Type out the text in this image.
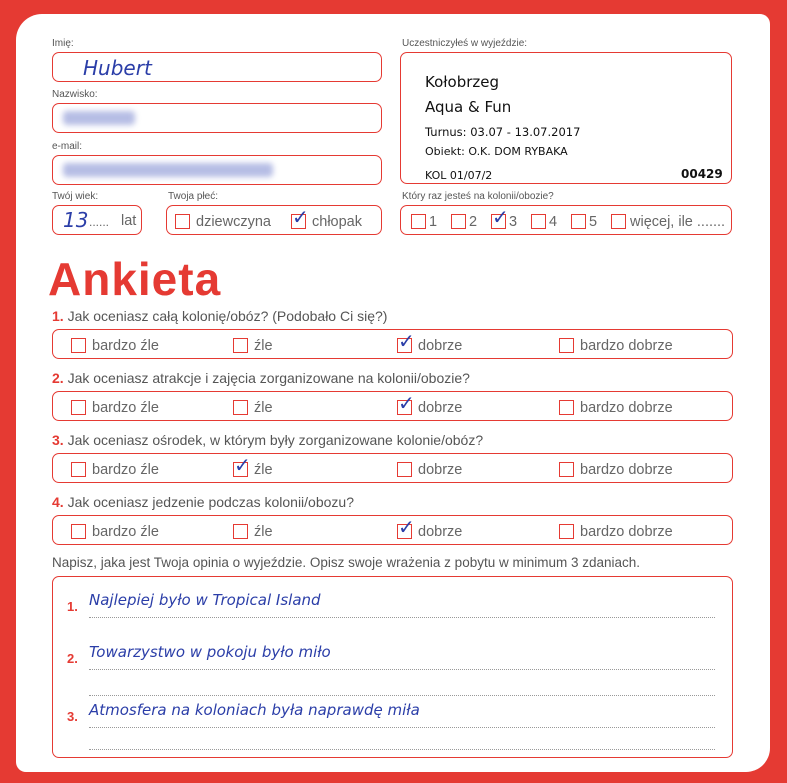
Imię:
Hubert
Nazwisko:
e-mail:
Twój wiek:
13 ...... lat
Twoja płeć:
dziewczyna ✓ chłopak
Uczestniczyłeś w wyjeździe:
Kołobrzeg
Aqua & Fun
Turnus: 03.07 - 13.07.2017
Obiekt: O.K. DOM RYBAKA
KOL 01/07/2	00429
Który raz jesteś na kolonii/obozie?
1	2 ✓ 3	4	5	więcej, ile .......
Ankieta
1. Jak oceniasz całą kolonię/obóz? (Podobało Ci się?)
bardzo źle	źle	✓ dobrze	bardzo dobrze
2. Jak oceniasz atrakcje i zajęcia zorganizowane na kolonii/obozie?
bardzo źle	źle	✓ dobrze	bardzo dobrze
3. Jak oceniasz ośrodek, w którym były zorganizowane kolonie/obóz?
bardzo źle	✓ źle	dobrze	bardzo dobrze
4. Jak oceniasz jedzenie podczas kolonii/obozu?
bardzo źle	źle	✓ dobrze	bardzo dobrze
Napisz, jaka jest Twoja opinia o wyjeździe. Opisz swoje wrażenia z pobytu w minimum 3 zdaniach.
1. Najlepiej było w Tropical Island
2. Towarzystwo w pokoju było miło
3. Atmosfera na koloniach była naprawdę miła
